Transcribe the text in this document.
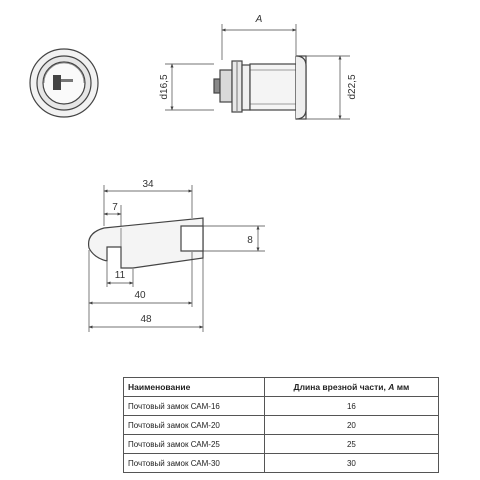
A
d16,5	d22,5
34
7
8
11
40
48
Наименование	Длина врезной части, А мм
Почтовый замок САМ-16	16
Почтовый замок САМ-20	20
Почтовый замок САМ-25	25
Почтовый замок САМ-30	30
